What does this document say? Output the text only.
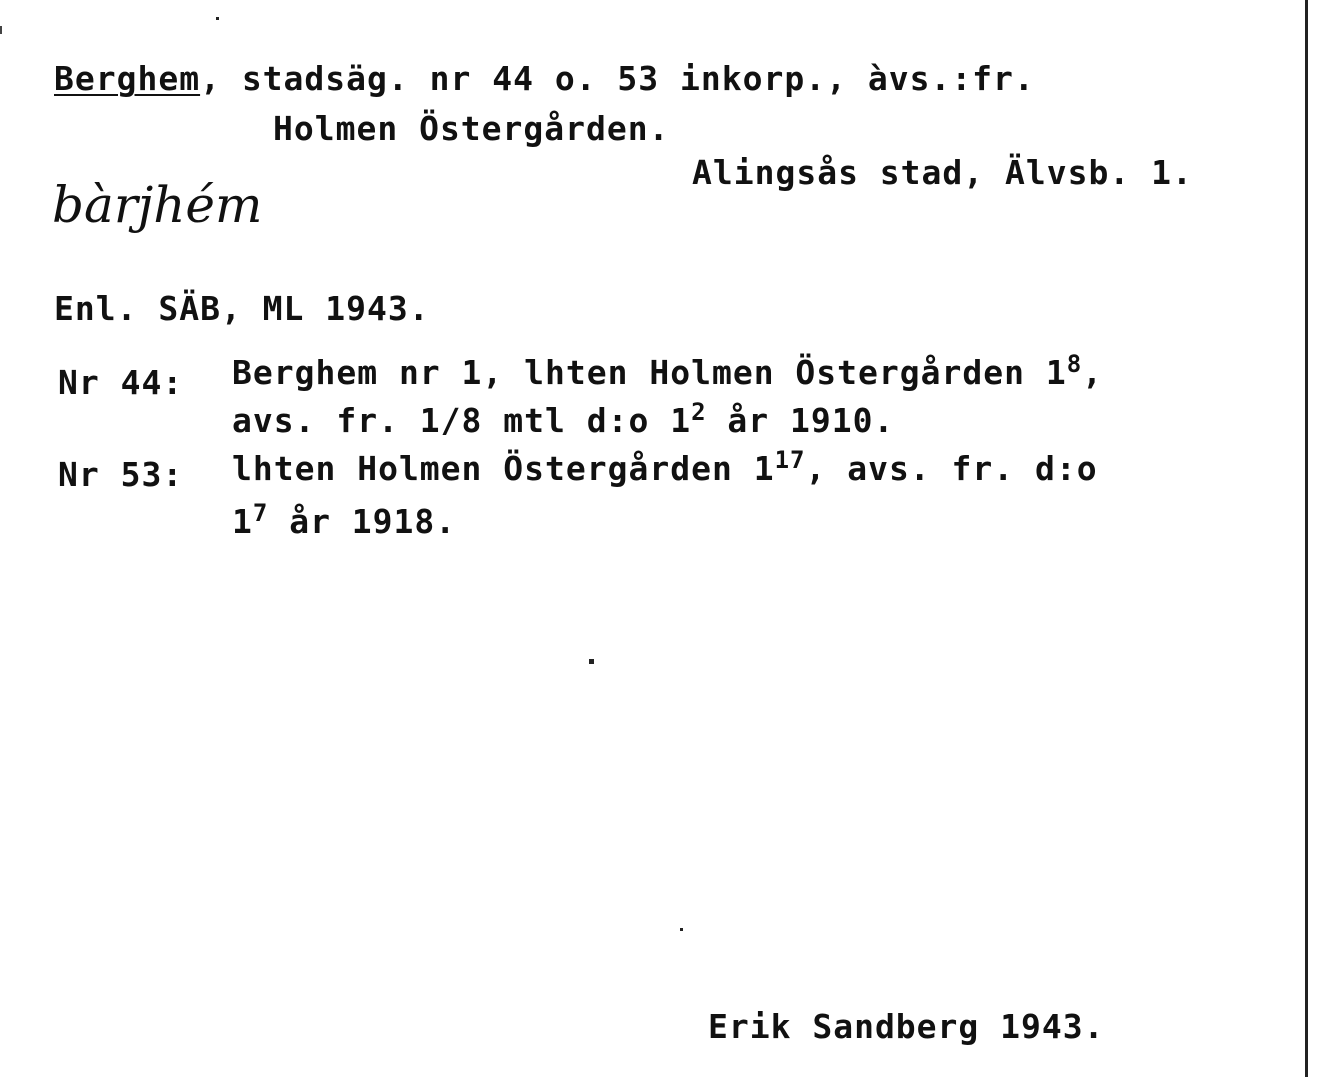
Berghem, stadsäg. nr 44 o. 53 inkorp., àvs.:fr.
Holmen Östergården.
Alingsås stad, Älvsb. 1.
bàrjhém
Enl. SÄB, ML 1943.
Nr 44: Berghem nr 1, lhten Holmen Östergården $1^8$,
avs. fr. 1/8 mtl d:o $1^2$ år 1910.
Nr 53: lhten Holmen Östergården $1^{17}$, avs. fr. d:o
$1^7$ år 1918.
Erik Sandberg 1943.
